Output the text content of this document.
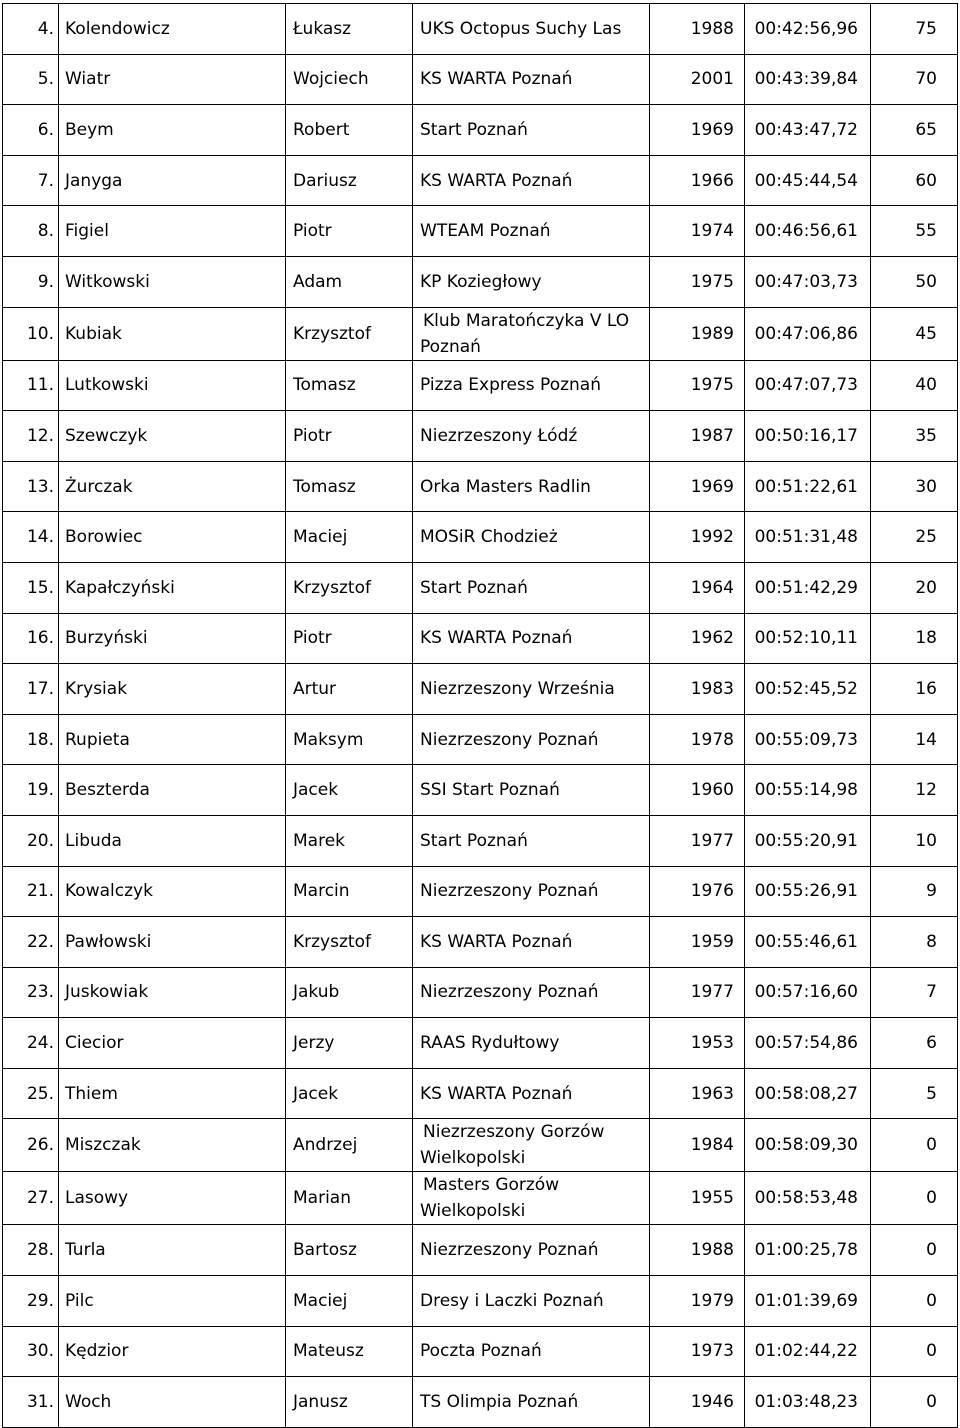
4.	Kolendowicz	Łukasz	UKS Octopus Suchy Las	1988	00:42:56,96	75
5.	Wiatr	Wojciech	KS WARTA Poznań	2001	00:43:39,84	70
6.	Beym	Robert	Start Poznań	1969	00:43:47,72	65
7.	Janyga	Dariusz	KS WARTA Poznań	1966	00:45:44,54	60
8.	Figiel	Piotr	WTEAM Poznań	1974	00:46:56,61	55
9.	Witkowski	Adam	KP Koziegłowy	1975	00:47:03,73	50
10.	Kubiak	Krzysztof	Klub Maratończyka V LO
Poznań	1989	00:47:06,86	45
11.	Lutkowski	Tomasz	Pizza Express Poznań	1975	00:47:07,73	40
12.	Szewczyk	Piotr	Niezrzeszony Łódź	1987	00:50:16,17	35
13.	Żurczak	Tomasz	Orka Masters Radlin	1969	00:51:22,61	30
14.	Borowiec	Maciej	MOSiR Chodzież	1992	00:51:31,48	25
15.	Kapałczyński	Krzysztof	Start Poznań	1964	00:51:42,29	20
16.	Burzyński	Piotr	KS WARTA Poznań	1962	00:52:10,11	18
17.	Krysiak	Artur	Niezrzeszony Września	1983	00:52:45,52	16
18.	Rupieta	Maksym	Niezrzeszony Poznań	1978	00:55:09,73	14
19.	Beszterda	Jacek	SSI Start Poznań	1960	00:55:14,98	12
20.	Libuda	Marek	Start Poznań	1977	00:55:20,91	10
21.	Kowalczyk	Marcin	Niezrzeszony Poznań	1976	00:55:26,91	9
22.	Pawłowski	Krzysztof	KS WARTA Poznań	1959	00:55:46,61	8
23.	Juskowiak	Jakub	Niezrzeszony Poznań	1977	00:57:16,60	7
24.	Ciecior	Jerzy	RAAS Rydułtowy	1953	00:57:54,86	6
25.	Thiem	Jacek	KS WARTA Poznań	1963	00:58:08,27	5
26.	Miszczak	Andrzej	Niezrzeszony Gorzów
Wielkopolski	1984	00:58:09,30	0
27.	Lasowy	Marian	Masters Gorzów
Wielkopolski	1955	00:58:53,48	0
28.	Turla	Bartosz	Niezrzeszony Poznań	1988	01:00:25,78	0
29.	Pilc	Maciej	Dresy i Laczki Poznań	1979	01:01:39,69	0
30.	Kędzior	Mateusz	Poczta Poznań	1973	01:02:44,22	0
31.	Woch	Janusz	TS Olimpia Poznań	1946	01:03:48,23	0
